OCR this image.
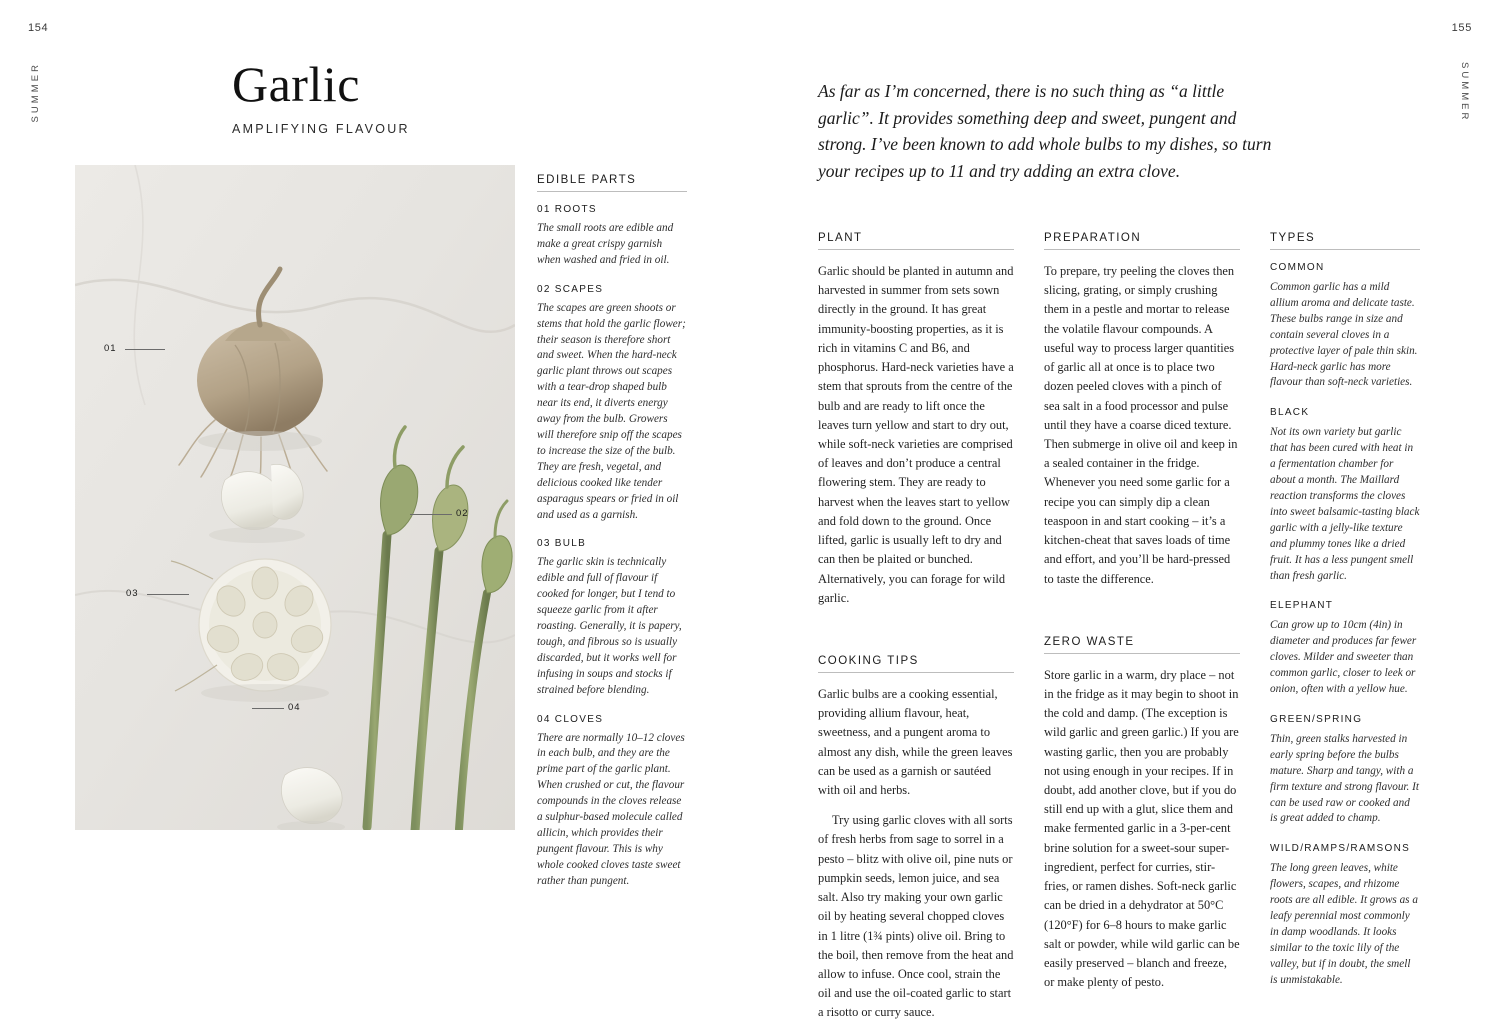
154	155
SUMMER	SUMMER
Garlic
AMPLIFYING FLAVOUR
01
02
03
04
EDIBLE PARTS
01 ROOTS
The small roots are edible and make a great crispy garnish when washed and fried in oil.
02 SCAPES
The scapes are green shoots or stems that hold the garlic flower; their season is therefore short and sweet. When the hard-neck garlic plant throws out scapes with a tear-drop shaped bulb near its end, it diverts energy away from the bulb. Growers will therefore snip off the scapes to increase the size of the bulb. They are fresh, vegetal, and delicious cooked like tender asparagus spears or fried in oil and used as a garnish.
03 BULB
The garlic skin is technically edible and full of flavour if cooked for longer, but I tend to squeeze garlic from it after roasting. Generally, it is papery, tough, and fibrous so is usually discarded, but it works well for infusing in soups and stocks if strained before blending.
04 CLOVES
There are normally 10–12 cloves in each bulb, and they are the prime part of the garlic plant. When crushed or cut, the flavour compounds in the cloves release a sulphur-based molecule called allicin, which provides their pungent flavour. This is why whole cooked cloves taste sweet rather than pungent.
As far as I’m concerned, there is no such thing as “a little garlic”. It provides something deep and sweet, pungent and strong. I’ve been known to add whole bulbs to my dishes, so turn your recipes up to 11 and try adding an extra clove.
PLANT

Garlic should be planted in autumn and harvested in summer from sets sown directly in the ground. It has great immunity-boosting properties, as it is rich in vitamins C and B6, and phosphorus. Hard-neck varieties have a stem that sprouts from the centre of the bulb and are ready to lift once the leaves turn yellow and start to dry out, while soft-neck varieties are comprised of leaves and don’t produce a central flowering stem. They are ready to harvest when the leaves start to yellow and fold down to the ground. Once lifted, garlic is usually left to dry and can then be plaited or bunched. Alternatively, you can forage for wild garlic.

COOKING TIPS

Garlic bulbs are a cooking essential, providing allium flavour, heat, sweetness, and a pungent aroma to almost any dish, while the green leaves can be used as a garnish or sautéed with oil and herbs.

Try using garlic cloves with all sorts of fresh herbs from sage to sorrel in a pesto – blitz with olive oil, pine nuts or pumpkin seeds, lemon juice, and sea salt. Also try making your own garlic oil by heating several chopped cloves in 1 litre (1¾ pints) olive oil. Bring to the boil, then remove from the heat and allow to infuse. Once cool, strain the oil and use the oil-coated garlic to start a risotto or curry sauce.

PREPARATION

To prepare, try peeling the cloves then slicing, grating, or simply crushing them in a pestle and mortar to release the volatile flavour compounds. A useful way to process larger quantities of garlic all at once is to place two dozen peeled cloves with a pinch of sea salt in a food processor and pulse until they have a coarse diced texture. Then submerge in olive oil and keep in a sealed container in the fridge. Whenever you need some garlic for a recipe you can simply dip a clean teaspoon in and start cooking – it’s a kitchen-cheat that saves loads of time and effort, and you’ll be hard-pressed to taste the difference.

ZERO WASTE

Store garlic in a warm, dry place – not in the fridge as it may begin to shoot in the cold and damp. (The exception is wild garlic and green garlic.) If you are wasting garlic, then you are probably not using enough in your recipes. If in doubt, add another clove, but if you do still end up with a glut, slice them and make fermented garlic in a 3-per-cent brine solution for a sweet-sour super-ingredient, perfect for curries, stir-fries, or ramen dishes. Soft-neck garlic can be dried in a dehydrator at 50°C (120°F) for 6–8 hours to make garlic salt or powder, while wild garlic can be easily preserved – blanch and freeze, or make plenty of pesto.

TYPES
COMMON

Common garlic has a mild allium aroma and delicate taste. These bulbs range in size and contain several cloves in a protective layer of pale thin skin. Hard-neck garlic has more flavour than soft-neck varieties.

BLACK

Not its own variety but garlic that has been cured with heat in a fermentation chamber for about a month. The Maillard reaction transforms the cloves into sweet balsamic-tasting black garlic with a jelly-like texture and plummy tones like a dried fruit. It has a less pungent smell than fresh garlic.

ELEPHANT

Can grow up to 10cm (4in) in diameter and produces far fewer cloves. Milder and sweeter than common garlic, closer to leek or onion, often with a yellow hue.

GREEN/SPRING

Thin, green stalks harvested in early spring before the bulbs mature. Sharp and tangy, with a firm texture and strong flavour. It can be used raw or cooked and is great added to champ.

WILD/RAMPS/RAMSONS

The long green leaves, white flowers, scapes, and rhizome roots are all edible. It grows as a leafy perennial most commonly in damp woodlands. It looks similar to the toxic lily of the valley, but if in doubt, the smell is unmistakable.
